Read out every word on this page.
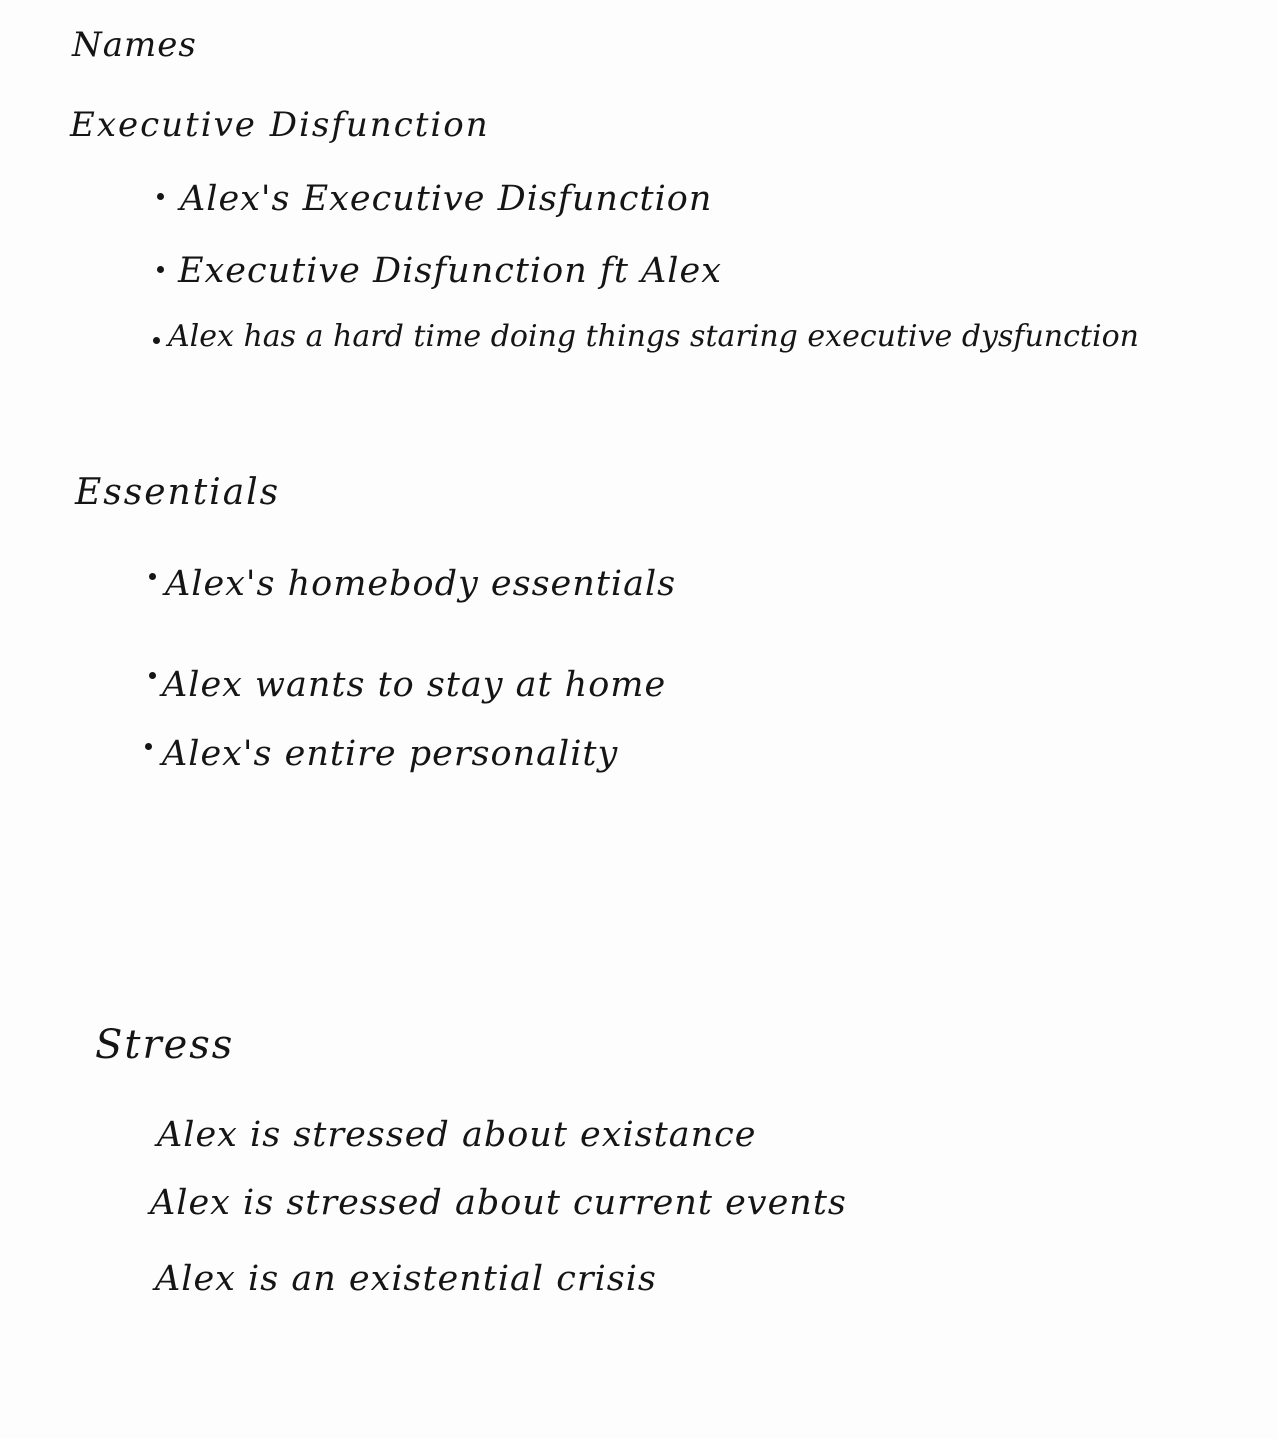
Names
Executive Disfunction
Alex's Executive Disfunction
Executive Disfunction ft Alex
Alex has a hard time doing things staring executive dysfunction
Essentials
Alex's homebody essentials
Alex wants to stay at home
Alex's entire personality
Stress
Alex is stressed about existance
Alex is stressed about current events
Alex is an existential crisis
